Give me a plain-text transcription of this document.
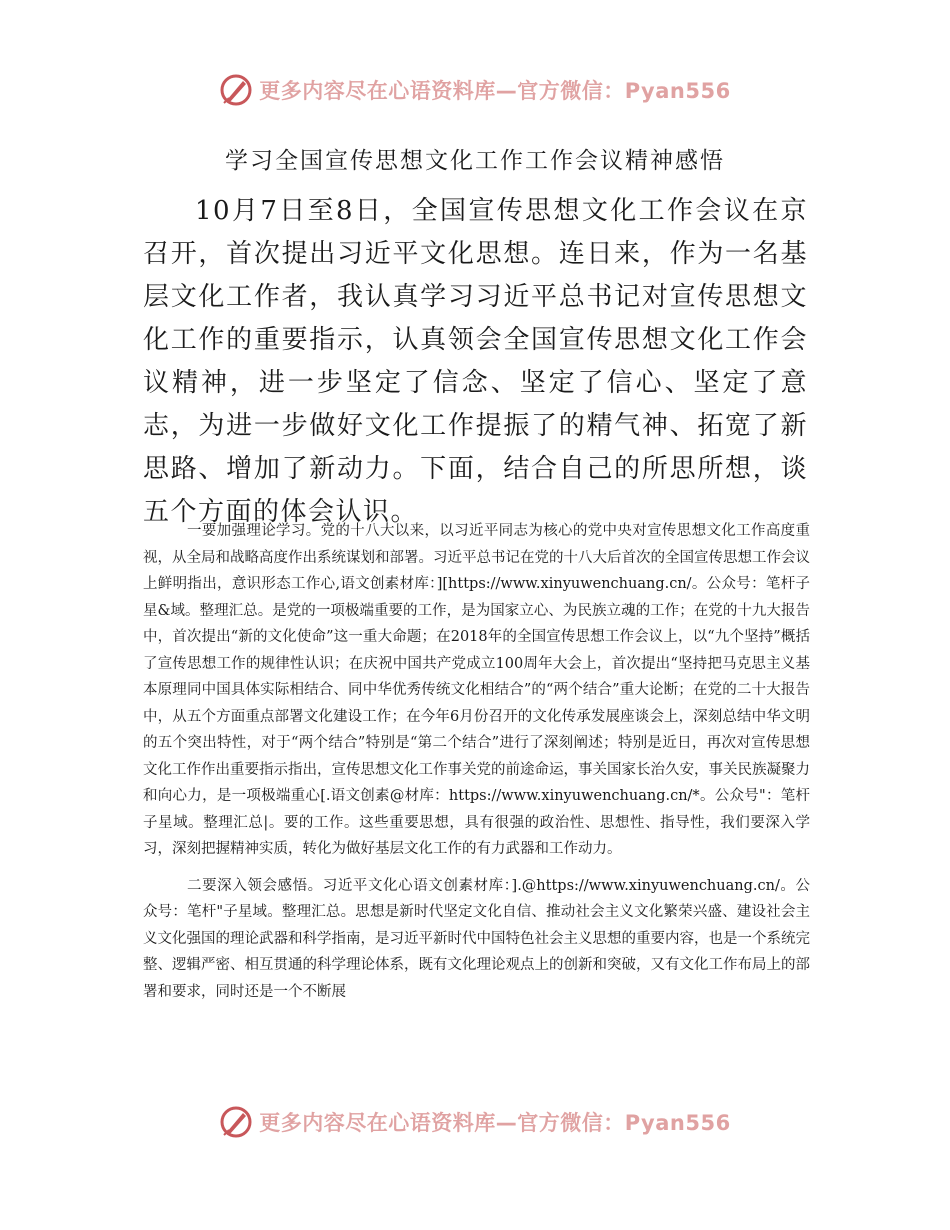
更多内容尽在心语资料库—官方微信：Pyan556
学习全国宣传思想文化工作工作会议精神感悟

10月7日至8日，全国宣传思想文化工作会议在京召开，首次提出习近平文化思想。连日来，作为一名基层文化工作者，我认真学习习近平总书记对宣传思想文化工作的重要指示，认真领会全国宣传思想文化工作会议精神，进一步坚定了信念、坚定了信心、坚定了意志，为进一步做好文化工作提振了的精气神、拓宽了新思路、增加了新动力。下面，结合自己的所思所想，谈五个方面的体会认识。

一要加强理论学习。党的十八大以来，以习近平同志为核心的党中央对宣传思想文化工作高度重视，从全局和战略高度作出系统谋划和部署。习近平总书记在党的十八大后首次的全国宣传思想工作会议上鲜明指出，意识形态工作心,语文创素材库：][https://www.xinyuwenchuang.cn/。公众号：笔杆子星&域。整理汇总。是党的一项极端重要的工作，是为国家立心、为民族立魂的工作；在党的十九大报告中，首次提出“新的文化使命”这一重大命题；在2018年的全国宣传思想工作会议上，以“九个坚持”概括了宣传思想工作的规律性认识；在庆祝中国共产党成立100周年大会上，首次提出“坚持把马克思主义基本原理同中国具体实际相结合、同中华优秀传统文化相结合”的“两个结合”重大论断；在党的二十大报告中，从五个方面重点部署文化建设工作；在今年6月份召开的文化传承发展座谈会上，深刻总结中华文明的五个突出特性，对于“两个结合”特别是“第二个结合”进行了深刻阐述；特别是近日，再次对宣传思想文化工作作出重要指示指出，宣传思想文化工作事关党的前途命运，事关国家长治久安，事关民族凝聚力和向心力，是一项极端重心[.语文创素@材库：https://www.xinyuwenchuang.cn/*。公众号"：笔杆子星域。整理汇总|。要的工作。这些重要思想，具有很强的政治性、思想性、指导性，我们要深入学习，深刻把握精神实质，转化为做好基层文化工作的有力武器和工作动力。

二要深入领会感悟。习近平文化心语文创素材库：].@https://www.xinyuwenchuang.cn/。公众号：笔杆"子星域。整理汇总。思想是新时代坚定文化自信、推动社会主义文化繁荣兴盛、建设社会主义文化强国的理论武器和科学指南，是习近平新时代中国特色社会主义思想的重要内容，也是一个系统完整、逻辑严密、相互贯通的科学理论体系，既有文化理论观点上的创新和突破，又有文化工作布局上的部署和要求，同时还是一个不断展

更多内容尽在心语资料库—官方微信：Pyan556
